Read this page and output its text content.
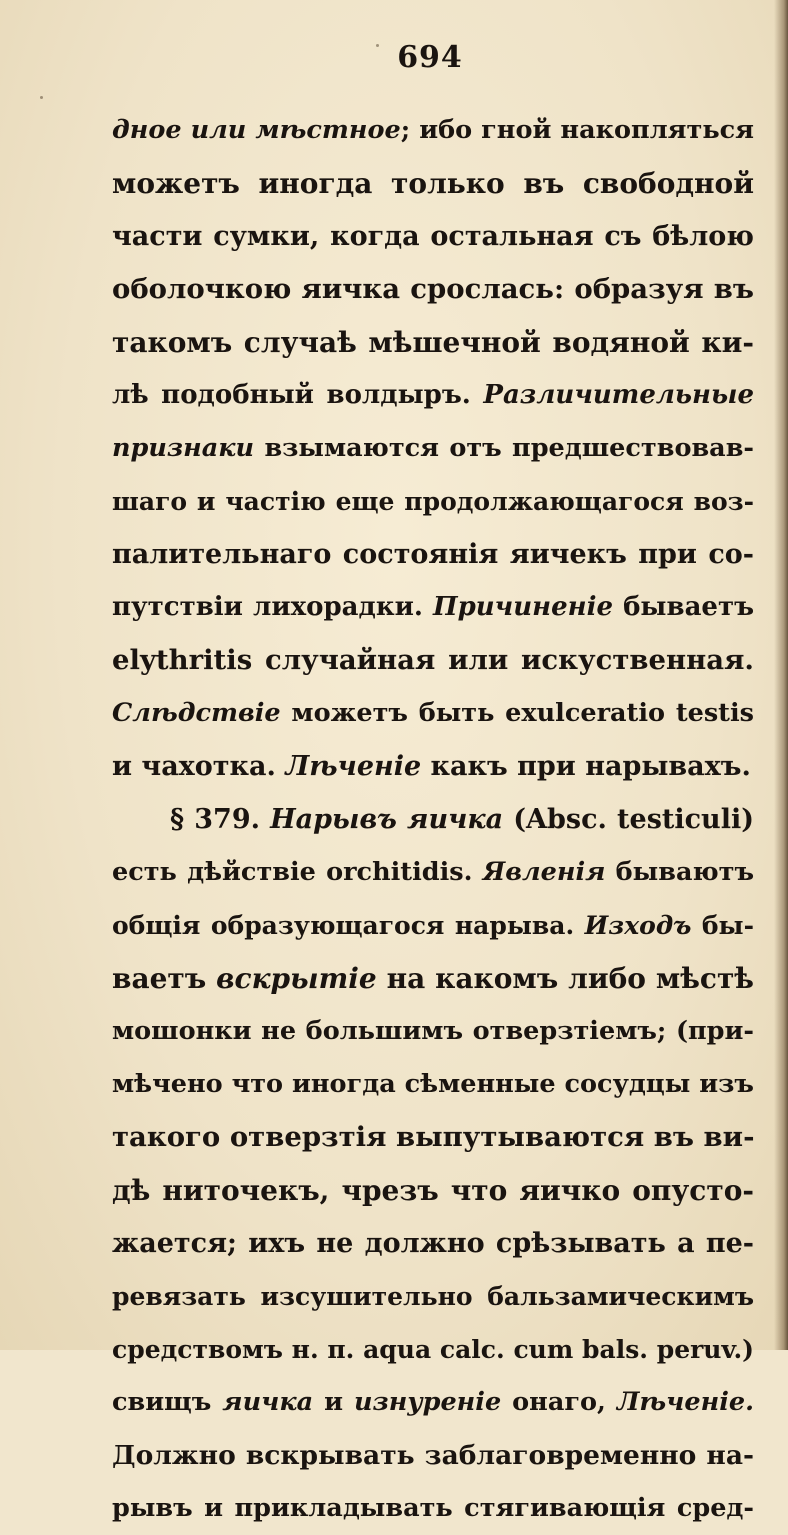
694
дное или мѣстное; ибо гной накопляться
можетъ иногда только въ свободной
части сумки, когда остальная съ бѣлою
оболочкою яичка срослась: образуя въ
такомъ случаѣ мѣшечной водяной ки-
лѣ подобный волдыръ. Различительные
признаки взымаются отъ предшествовав-
шаго и частію еще продолжающагося воз-
палительнаго состоянія яичекъ при со-
путствіи лихорадки. Причиненіе бываетъ
elythritis случайная или искуственная.
Слѣдствіе можетъ быть exulceratio testis
и чахотка. Лѣченіе какъ при нарывахъ.
§ 379. Нарывъ яичка (Absc. testiculi)
есть дѣйствіе orchitidis. Явленія бываютъ
общія образующагося нарыва. Изходъ бы-
ваетъ вскрытіе на какомъ либо мѣстѣ
мошонки не большимъ отверзтіемъ; (при-
мѣчено что иногда сѣменные сосудцы изъ
такого отверзтія выпутываются въ ви-
дѣ ниточекъ, чрезъ что яичко опусто-
жается; ихъ не должно срѣзывать а пе-
ревязать изсушительно бальзамическимъ
средствомъ н. п. aqua calc. cum bals. peruv.)
свищъ яичка и изнуреніе онаго, Лѣченіе.
Должно вскрывать заблаговременно на-
рывъ и прикладывать стягивающія сред-
